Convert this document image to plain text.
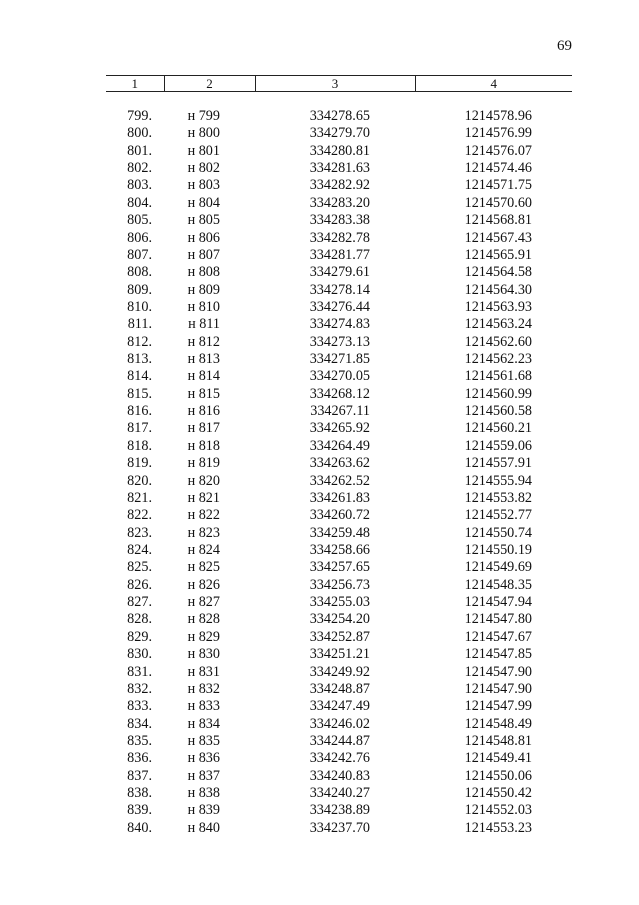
69
1	2	3	4
799.	н 799	334278.65	1214578.96
800.	н 800	334279.70	1214576.99
801.	н 801	334280.81	1214576.07
802.	н 802	334281.63	1214574.46
803.	н 803	334282.92	1214571.75
804.	н 804	334283.20	1214570.60
805.	н 805	334283.38	1214568.81
806.	н 806	334282.78	1214567.43
807.	н 807	334281.77	1214565.91
808.	н 808	334279.61	1214564.58
809.	н 809	334278.14	1214564.30
810.	н 810	334276.44	1214563.93
811.	н 811	334274.83	1214563.24
812.	н 812	334273.13	1214562.60
813.	н 813	334271.85	1214562.23
814.	н 814	334270.05	1214561.68
815.	н 815	334268.12	1214560.99
816.	н 816	334267.11	1214560.58
817.	н 817	334265.92	1214560.21
818.	н 818	334264.49	1214559.06
819.	н 819	334263.62	1214557.91
820.	н 820	334262.52	1214555.94
821.	н 821	334261.83	1214553.82
822.	н 822	334260.72	1214552.77
823.	н 823	334259.48	1214550.74
824.	н 824	334258.66	1214550.19
825.	н 825	334257.65	1214549.69
826.	н 826	334256.73	1214548.35
827.	н 827	334255.03	1214547.94
828.	н 828	334254.20	1214547.80
829.	н 829	334252.87	1214547.67
830.	н 830	334251.21	1214547.85
831.	н 831	334249.92	1214547.90
832.	н 832	334248.87	1214547.90
833.	н 833	334247.49	1214547.99
834.	н 834	334246.02	1214548.49
835.	н 835	334244.87	1214548.81
836.	н 836	334242.76	1214549.41
837.	н 837	334240.83	1214550.06
838.	н 838	334240.27	1214550.42
839.	н 839	334238.89	1214552.03
840.	н 840	334237.70	1214553.23
